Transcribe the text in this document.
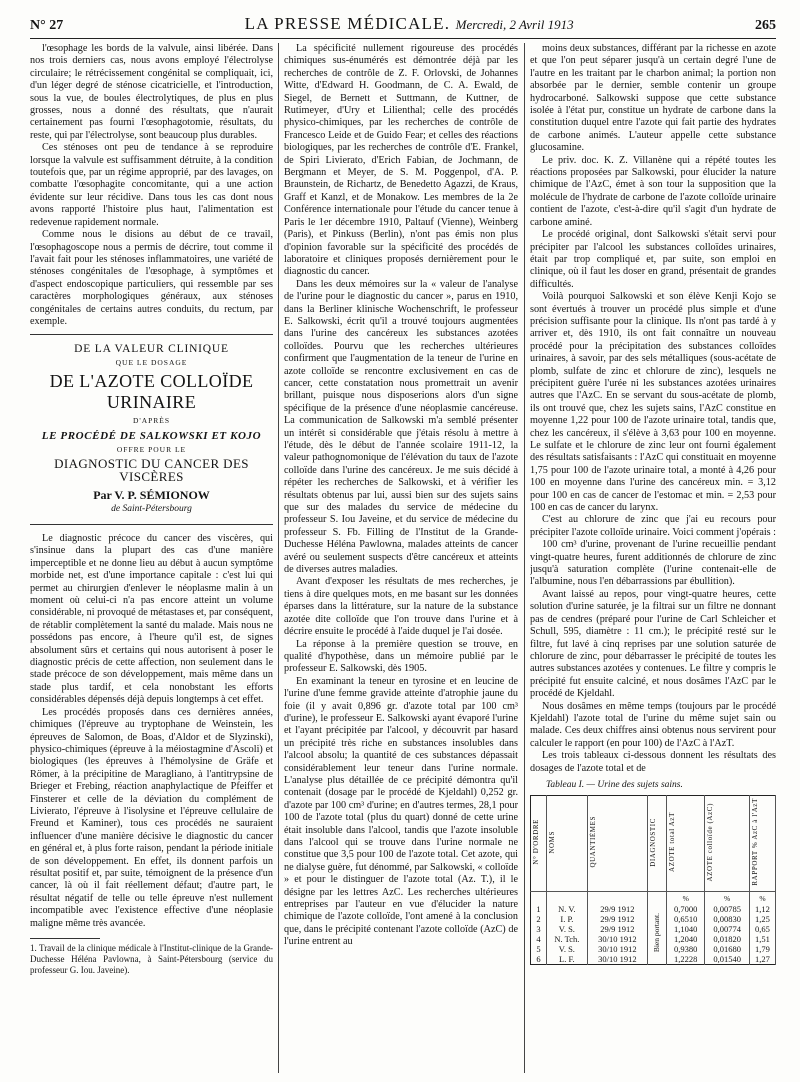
N° 27	LA PRESSE MÉDICALE. Mercredi, 2 Avril 1913	265

l'œsophage les bords de la valvule, ainsi libérée. Dans nos trois derniers cas, nous avons employé l'électrolyse circulaire; le rétrécissement congénital se compliquait, ici, d'un léger degré de sténose cicatricielle, et l'introduction, sous la vue, de boules électrolytiques, de plus en plus grosses, nous a donné des résultats, que n'aurait certainement pas fourni l'œsophagotomie, résultats, du reste, qui par l'électrolyse, sont beaucoup plus durables.

Ces sténoses ont peu de tendance à se reproduire lorsque la valvule est suffisamment détruite, à la condition toutefois que, par un régime approprié, par des lavages, on combatte l'œsophagite concomitante, qui a une action évidente sur leur récidive. Dans tous les cas dont nous avons rapporté l'histoire plus haut, l'alimentation est redevenue rapidement normale.

Comme nous le disions au début de ce travail, l'œsophagoscope nous a permis de décrire, tout comme il l'avait fait pour les sténoses inflammatoires, une variété de sténoses congénitales de l'œsophage, à symptômes et d'aspect endoscopique particuliers, qui ressemble par ses caractères morphologiques généraux, aux sténoses congénitales de certains autres conduits, du rectum, par exemple.

DE LA VALEUR CLINIQUE
QUE LE DOSAGE
DE L'AZOTE COLLOÏDE URINAIRE
D'APRÈS
LE PROCÉDÉ DE SALKOWSKI ET KOJO
OFFRE POUR LE
DIAGNOSTIC DU CANCER DES VISCÈRES
Par V. P. SÉMIONOW
de Saint-Pétersbourg

Le diagnostic précoce du cancer des viscères, qui s'insinue dans la plupart des cas d'une manière imperceptible et ne donne lieu au début à aucun symptôme morbide net, est d'une importance capitale : c'est lui qui permet au chirurgien d'enlever le néoplasme malin à un moment où celui-ci n'a pas encore atteint un volume considérable, ni provoqué de métastases et, par conséquent, de rétablir complètement la santé du malade. Mais nous ne possédons pas encore, à l'heure qu'il est, de signes absolument sûrs et certains qui nous autorisent à poser le diagnostic précis de cette affection, non seulement dans le stade précoce de son développement, mais même dans un stade plus tardif, et cela nonobstant les efforts considérables dépensés déjà depuis longtemps à cet effet.

Les procédés proposés dans ces dernières années, chimiques (l'épreuve au tryptophane de Weinstein, les épreuves de Salomon, de Boas, d'Aldor et de Slyzinski), physico-chimiques (épreuve à la méiostagmine d'Ascoli) et biologiques (les épreuves à l'hémolysine de Gräfe et Römer, à la précipitine de Maragliano, à l'antitrypsine de Brieger et Frebing, réaction anaphylactique de Pfeiffer et Finsterer et celle de la déviation du complément de Livierato, l'épreuve à l'isolysine et l'épreuve cellulaire de Freund et Kaminer), tous ces procédés ne sauraient influencer d'une manière décisive le diagnostic du cancer en général et, à plus forte raison, pendant la période initiale de son développement. En effet, ils donnent parfois un résultat positif et, par suite, témoignent de la présence d'un cancer, là où il fait réellement défaut; d'autre part, le résultat négatif de telle ou telle épreuve n'est nullement incompatible avec l'existence effective d'une néoplasie maligne même très avancée.

1. Travail de la clinique médicale à l'Institut-clinique de la Grande-Duchesse Héléna Pavlowna, à Saint-Pétersbourg (service du professeur G. Iou. Javeine).

La spécificité nullement rigoureuse des procédés chimiques sus-énumérés est démontrée déjà par les recherches de contrôle de Z. F. Orlovski, de Johannes Witte, d'Edward H. Goodmann, de C. A. Ewald, de Siegel, de Bernett et Suttmann, de Kuttner, de Rutimeyer, d'Ury et Lilienthal; celle des procédés physico-chimiques, par les recherches de contrôle de Francesco Leide et de Guido Fear; et celles des réactions biologiques, par les recherches de contrôle d'E. Frankel, de Spiri Livierato, d'Erich Fabian, de Jochmann, de Bergmann et Meyer, de S. M. Poggenpol, d'A. P. Braunstein, de Richartz, de Benedetto Agazzi, de Kraus, Graff et Kanzl, et de Monakow. Les membres de la 2e Conférence internationale pour l'étude du cancer tenue à Paris le 1er décembre 1910, Paltauf (Vienne), Weinberg (Paris), et Pinkuss (Berlin), n'ont pas émis non plus d'opinion favorable sur la spécificité des procédés de laboratoire et cliniques proposés dernièrement pour le diagnostic du cancer.

Dans les deux mémoires sur la « valeur de l'analyse de l'urine pour le diagnostic du cancer », parus en 1910, dans la Berliner klinische Wochenschrift, le professeur E. Salkowski, écrit qu'il a trouvé toujours augmentées dans l'urine des cancéreux les substances azotées colloïdes. Pourvu que les recherches ultérieures confirment que l'augmentation de la teneur de l'urine en azote colloïde se rencontre exclusivement en cas de cancer, cette constatation nous promettrait un avenir brillant, puisque nous disposerions alors d'un signe spécifique de la présence d'une néoplasmie cancéreuse. La communication de Salkowski m'a semblé présenter un intérêt si considérable que j'étais résolu à mettre à l'étude, dès le début de l'année scolaire 1911-12, la valeur pathognomonique de l'élévation du taux de l'azote colloïde dans l'urine des cancéreux. Je me suis décidé à répéter les recherches de Salkowski, et à vérifier les résultats obtenus par lui, aussi bien sur des sujets sains que sur des malades du service de médecine du professeur S. Iou Javeine, et du service de médecine du professeur S. Fb. Filling de l'Institut de la Grande-Duchesse Héléna Pawlowna, malades atteints de cancer avéré ou seulement suspects d'être cancéreux et atteints de diverses autres maladies.

Avant d'exposer les résultats de mes recherches, je tiens à dire quelques mots, en me basant sur les données éparses dans la littérature, sur la nature de la substance azotée dite colloïde que l'on trouve dans l'urine et à décrire ensuite le procédé à l'aide duquel je l'ai dosée.

La réponse à la première question se trouve, en qualité d'hypothèse, dans un mémoire publié par le professeur E. Salkowski, dès 1905.

En examinant la teneur en tyrosine et en leucine de l'urine d'une femme gravide atteinte d'atrophie jaune du foie (il y avait 0,896 gr. d'azote total par 100 cm³ d'urine), le professeur E. Salkowski ayant évaporé l'urine et l'ayant précipitée par l'alcool, y découvrit par hasard un précipité très riche en substances insolubles dans l'alcool absolu; la quantité de ces substances dépassait considérablement leur teneur dans l'urine normale. L'analyse plus détaillée de ce précipité démontra qu'il contenait (dosage par le procédé de Kjeldahl) 0,252 gr. d'azote par 100 cm³ d'urine; en d'autres termes, 28,1 pour 100 de l'azote total (plus du quart) donné de cette urine était insoluble dans l'alcool, tandis que l'azote insoluble dans l'alcool qui se trouve dans l'urine normale ne constitue que 3,5 pour 100 de l'azote total. Cet azote, qui ne dialyse guère, fut dénommé, par Salkowski, « colloïde » et pour le distinguer de l'azote total (Az. T.), il le désigne par les lettres AzC. Les recherches ultérieures entreprises par l'auteur en vue d'élucider la nature chimique de l'azote colloïde, l'ont amené à la conclusion que, dans le précipité contenant l'azote colloïde (AzC) de l'urine entrent au

moins deux substances, différant par la richesse en azote et que l'on peut séparer jusqu'à un certain degré l'une de l'autre en les traitant par le charbon animal; la portion non absorbée par le dernier, semble contenir un groupe hydrocarboné. Salkowski suppose que cette substance isolée à l'état pur, constitue un hydrate de carbone dans la constitution duquel entre l'azote qui fait partie des hydrates de carbone animés. L'auteur appelle cette substance glucosamine.

Le priv. doc. K. Z. Villanène qui a répété toutes les réactions proposées par Salkowski, pour élucider la nature chimique de l'AzC, émet à son tour la supposition que la molécule de l'hydrate de carbone de l'azote colloïde urinaire contient de l'azote, c'est-à-dire qu'il s'agit d'un hydrate de carbone aminé.

Le procédé original, dont Salkowski s'était servi pour précipiter par l'alcool les substances colloïdes urinaires, était par trop compliqué et, par suite, son emploi en clinique, où il faut les doser en grand, présentait de grandes difficultés.

Voilà pourquoi Salkowski et son élève Kenji Kojo se sont évertués à trouver un procédé plus simple et d'une précision suffisante pour la clinique. Ils n'ont pas tardé à y arriver et, dès 1910, ils ont fait connaître un nouveau procédé pour la précipitation des substances colloïdes urinaires, à savoir, par des sels métalliques (sous-acétate de plomb, sulfate de zinc et chlorure de zinc), lesquels ne précipitent guère l'urée ni les substances azotées urinaires autres que l'AzC. En se servant du sous-acétate de plomb, ils ont trouvé que, chez les sujets sains, l'AzC constitue en moyenne 1,22 pour 100 de l'azote urinaire total, tandis que, chez les cancéreux, il s'élève à 3,63 pour 100 en moyenne. Le sulfate et le chlorure de zinc leur ont fourni également des résultats satisfaisants : l'AzC qui constituait en moyenne 1,75 pour 100 de l'azote urinaire total, a monté à 4,26 pour 100 en moyenne dans l'urine des cancéreux min. = 3,12 pour 100 en cas de cancer de l'estomac et min. = 2,53 pour 100 en cas de cancer du larynx.

C'est au chlorure de zinc que j'ai eu recours pour précipiter l'azote colloïde urinaire. Voici comment j'opérais :

100 cm³ d'urine, provenant de l'urine recueillie pendant vingt-quatre heures, furent additionnés de chlorure de zinc jusqu'à saturation complète (l'urine contenait-elle de l'albumine, nous l'en débarrassions par ébullition).

Avant laissé au repos, pour vingt-quatre heures, cette solution d'urine saturée, je la filtrai sur un filtre ne donnant pas de cendres (préparé pour l'urine de Carl Schleicher et Schull, 595, diamètre : 11 cm.); le précipité resté sur le filtre, fut lavé à cinq reprises par une solution saturée de chlorure de zinc, pour débarrasser le précipité de toutes les autres substances azotées y contenues. Le filtre y compris le précipité fut ensuite calciné, et nous dosâmes l'AzC par le procédé de Kjeldahl.

Nous dosâmes en même temps (toujours par le procédé Kjeldahl) l'azote total de l'urine du même sujet sain ou malade. Ces deux chiffres ainsi obtenus nous servirent pour calculer le rapport (en pour 100) de l'AzC à l'AzT.

Les trois tableaux ci-dessous donnent les résultats des dosages de l'azote total et de

Tableau I. — Urine des sujets sains.
N° D'ORDRE	NOMS	QUANTIÈMES	DIAGNOSTIC	AZOTE total AzT	AZOTE colloïde (AzC)	RAPPORT % AzC à l'AzT
				%	%	%
1	N. V.	29/9 1912	Bien portant.	0,7000	0,00785	1,12
2	I. P.	29/9 1912		0,6510	0,00830	1,25
3	V. S.	29/9 1912		1,1040	0,00774	0,65
4	N. Tch.	30/10 1912		1,2040	0,01820	1,51
5	V. S.	30/10 1912		0,9380	0,01680	1,79
6	L. F.	30/10 1912		1,2228	0,01540	1,27
